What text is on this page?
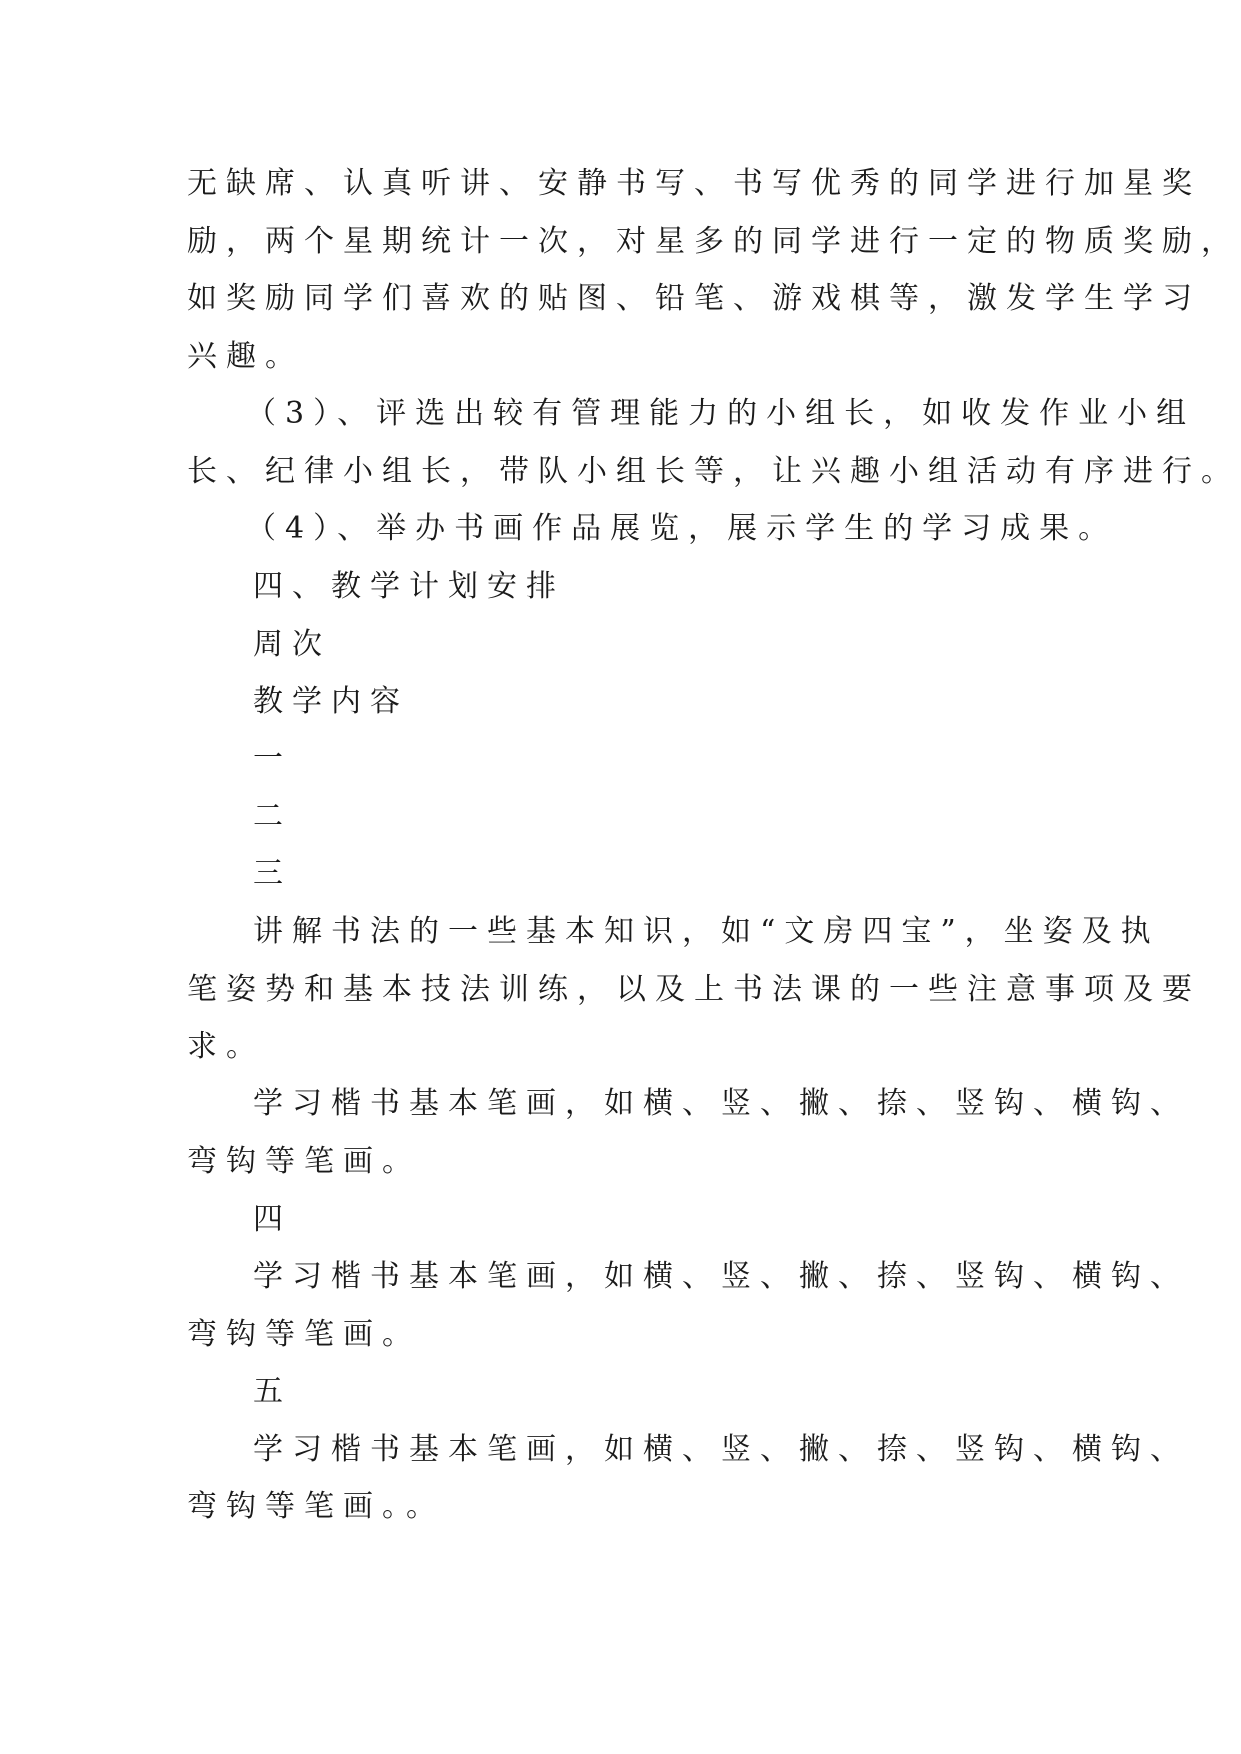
无缺席、认真听讲、安静书写、书写优秀的同学进行加星奖
励，两个星期统计一次，对星多的同学进行一定的物质奖励，
如奖励同学们喜欢的贴图、铅笔、游戏棋等，激发学生学习
兴趣。
（3）、评选出较有管理能力的小组长，如收发作业小组
长、纪律小组长，带队小组长等，让兴趣小组活动有序进行。
（4）、举办书画作品展览，展示学生的学习成果。
四、教学计划安排
周次
教学内容
一
二
三
讲解书法的一些基本知识，如“文房四宝”，坐姿及执
笔姿势和基本技法训练，以及上书法课的一些注意事项及要
求。
学习楷书基本笔画，如横、竖、撇、捺、竖钩、横钩、
弯钩等笔画。
四
学习楷书基本笔画，如横、竖、撇、捺、竖钩、横钩、
弯钩等笔画。
五
学习楷书基本笔画，如横、竖、撇、捺、竖钩、横钩、
弯钩等笔画。。
